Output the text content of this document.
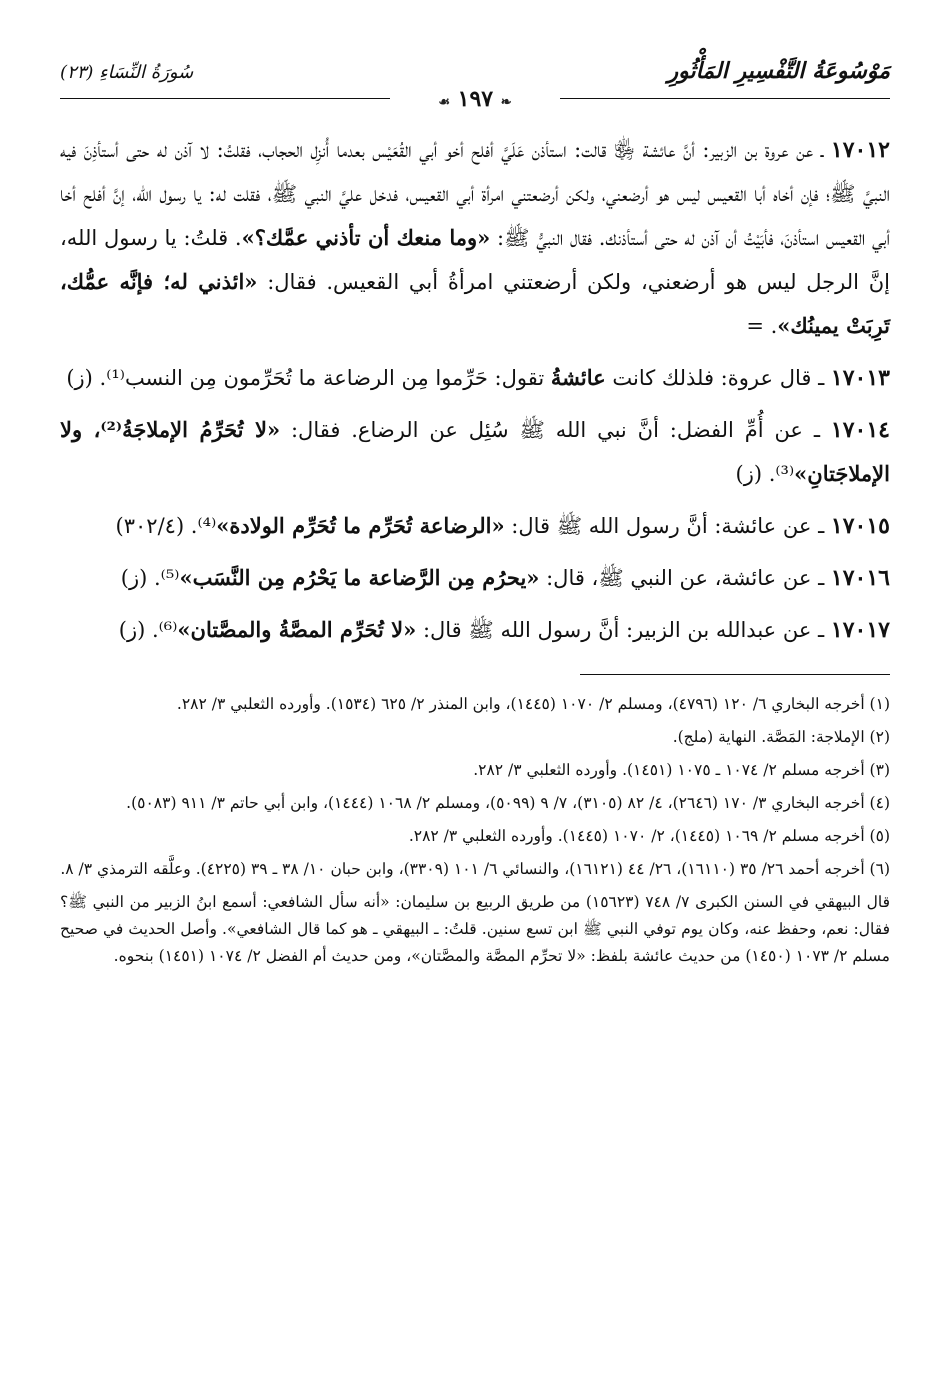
مَوْسُوعَةُ التَّفْسِيرِ المَأْثُورِ
سُورَةُ النِّسَاءِ (٢٣)
❧ ١٩٧ ☙

١٧٠١٢ ـ عن عروة بن الزبير: أنَّ عائشة ﵂ قالت: استأذن عَلَيَّ أفلح أخو أبي القُعَيْس بعدما أُنزِل الحجاب، فقلتُ: لا آذن له حتى أستأذِنَ فيه النبيَّ ﷺ؛ فإن أخاه أبا القعيس ليس هو أرضعني، ولكن أرضعتني امرأة أبي القعيس، فدخل عليَّ النبي ﷺ، فقلت له: يا رسول الله، إنَّ أفلح أخا أبي القعيس استأذنَ، فأبَيْتُ أن آذن له حتى أستأذنك. فقال النبيُّ ﷺ: «وما منعك أن تأذني عمَّك؟». قلتُ: يا رسول الله، إنَّ الرجل ليس هو أرضعني، ولكن أرضعتني امرأةُ أبي القعيس. فقال: «ائذني له؛ فإنَّه عمُّك، تَرِبَتْ يمينُك». =

١٧٠١٣ ـ قال عروة: فلذلك كانت عائشةُ تقول: حَرِّموا مِن الرضاعة ما تُحَرِّمون مِن النسب⁽¹⁾. (ز)

١٧٠١٤ ـ عن أُمِّ الفضل: أنَّ نبي الله ﷺ سُئِل عن الرضاع. فقال: «لا تُحَرِّمُ الإملاجَةُ⁽²⁾، ولا الإملاجَتانِ»⁽³⁾. (ز)

١٧٠١٥ ـ عن عائشة: أنَّ رسول الله ﷺ قال: «الرضاعة تُحَرِّم ما تُحَرِّم الولادة»⁽⁴⁾. (٣٠٢/٤)

١٧٠١٦ ـ عن عائشة، عن النبي ﷺ، قال: «يحرُم مِن الرَّضاعة ما يَحْرُم مِن النَّسَب»⁽⁵⁾. (ز)

١٧٠١٧ ـ عن عبدالله بن الزبير: أنَّ رسول الله ﷺ قال: «لا تُحَرِّم المصَّةُ والمصَّتان»⁽⁶⁾. (ز)

(١) أخرجه البخاري ٦/ ١٢٠ (٤٧٩٦)، ومسلم ٢/ ١٠٧٠ (١٤٤٥)، وابن المنذر ٢/ ٦٢٥ (١٥٣٤). وأورده الثعلبي ٣/ ٢٨٢.

(٢) الإملاجة: المَصَّة. النهاية (ملج).

(٣) أخرجه مسلم ٢/ ١٠٧٤ ـ ١٠٧٥ (١٤٥١). وأورده الثعلبي ٣/ ٢٨٢.

(٤) أخرجه البخاري ٣/ ١٧٠ (٢٦٤٦)، ٤/ ٨٢ (٣١٠٥)، ٧/ ٩ (٥٠٩٩)، ومسلم ٢/ ١٠٦٨ (١٤٤٤)، وابن أبي حاتم ٣/ ٩١١ (٥٠٨٣).

(٥) أخرجه مسلم ٢/ ١٠٦٩ (١٤٤٥)، ٢/ ١٠٧٠ (١٤٤٥). وأورده الثعلبي ٣/ ٢٨٢.

(٦) أخرجه أحمد ٢٦/ ٣٥ (١٦١١٠)، ٢٦/ ٤٤ (١٦١٢١)، والنسائي ٦/ ١٠١ (٣٣٠٩)، وابن حبان ١٠/ ٣٨ ـ ٣٩ (٤٢٢٥). وعلَّقه الترمذي ٣/ ٨.

قال البيهقي في السنن الكبرى ٧/ ٧٤٨ (١٥٦٢٣) من طريق الربيع بن سليمان: «أنه سأل الشافعي: أسمع ابنُ الزبير من النبي ﷺ؟ فقال: نعم، وحفظ عنه، وكان يوم توفي النبي ﷺ ابن تسع سنين. قلتُ: ـ البيهقي ـ هو كما قال الشافعي». وأصل الحديث في صحيح مسلم ٢/ ١٠٧٣ (١٤٥٠) من حديث عائشة بلفظ: «لا تحرِّم المصَّة والمصَّتان»، ومن حديث أم الفضل ٢/ ١٠٧٤ (١٤٥١) بنحوه.
